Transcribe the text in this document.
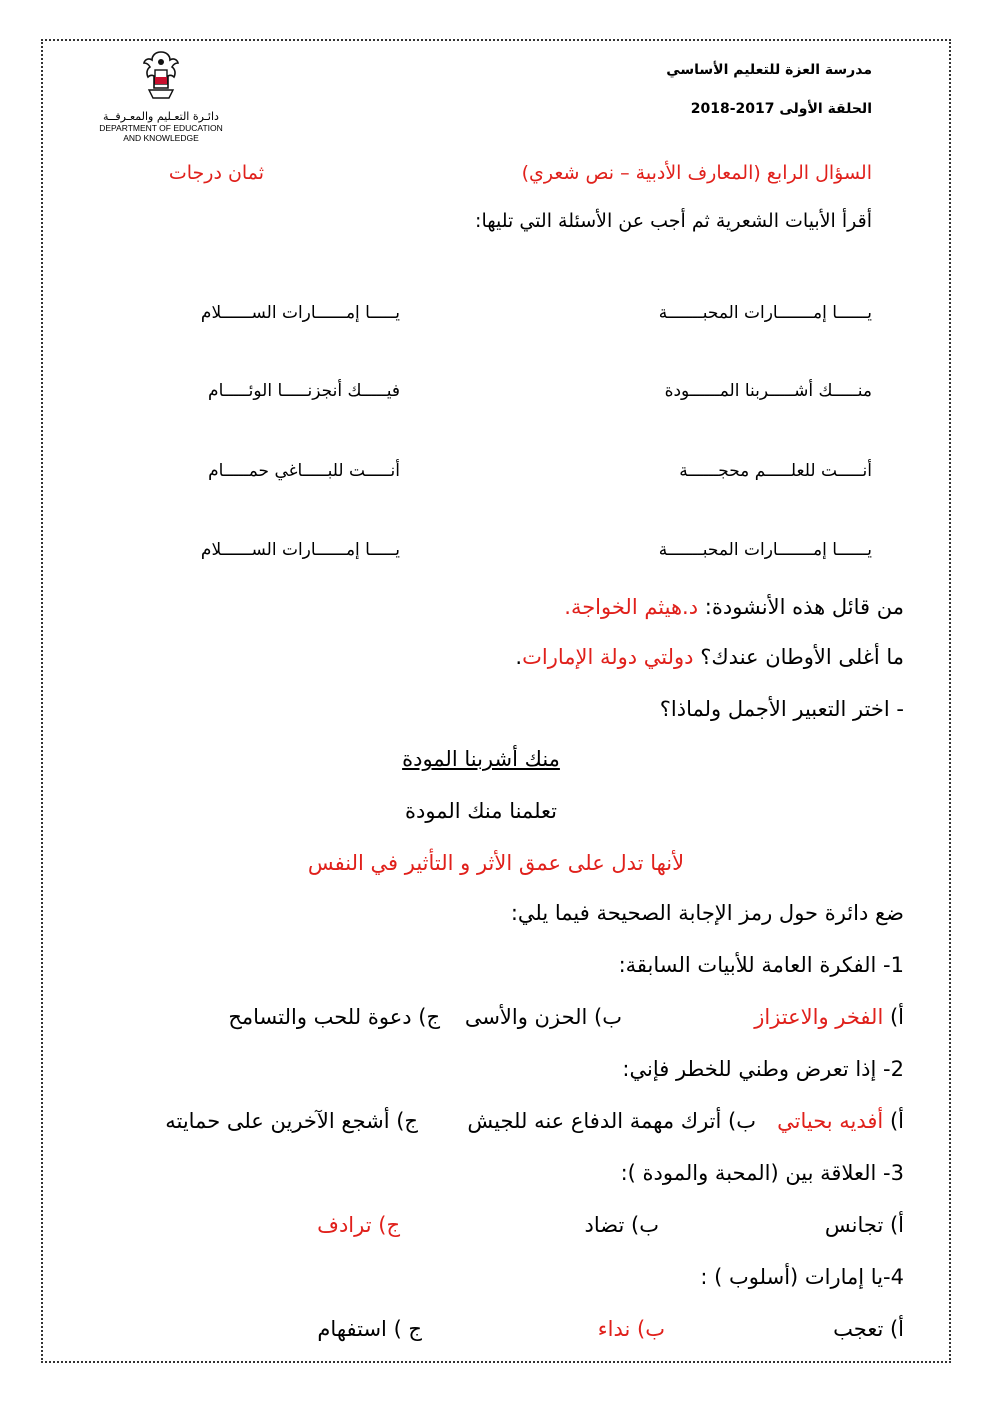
دائـرة التعـليم والمعـرفــة
DEPARTMENT OF EDUCATION
AND KNOWLEDGE
مدرسة العزة للتعليم الأساسي
الحلقة الأولى 2017-2018
السؤال الرابع (المعارف الأدبية – نص شعري)
ثمان درجات
أقرأ الأبيات الشعرية ثم أجب عن الأسئلة التي تليها:
يــــــا إمـــــــارات المحبـــــــة
يـــــا إمــــــارات الســــــلام
منـــــك أشـــــربنا المــــــودة
فيـــــك أنجزنـــــا الوئـــــام
أنـــــت للعلـــــم محجــــــة
أنـــــت للبـــــاغي حمـــــام
يــــــا إمـــــــارات المحبـــــــة
يـــــا إمــــــارات الســــــلام
من قائل هذه الأنشودة: د.هيثم الخواجة.
ما أغلى الأوطان عندك؟ دولتي دولة الإمارات.
- اختر التعبير الأجمل ولماذا؟
منك أشربنا المودة
تعلمنا منك المودة
لأنها تدل على عمق الأثر و التأثير في النفس
ضع دائرة حول رمز الإجابة الصحيحة فيما يلي:
1- الفكرة العامة للأبيات السابقة:
أ) الفخر والاعتزاز
ب) الحزن والأسى
ج) دعوة للحب والتسامح
2- إذا تعرض وطني للخطر فإني:
أ) أفديه بحياتي
ب) أترك مهمة الدفاع عنه للجيش
ج) أشجع الآخرين على حمايته
3- العلاقة بين (المحبة والمودة ):
أ) تجانس
ب) تضاد
ج) ترادف
4-يا إمارات (أسلوب ) :
أ) تعجب
ب) نداء
ج ) استفهام
